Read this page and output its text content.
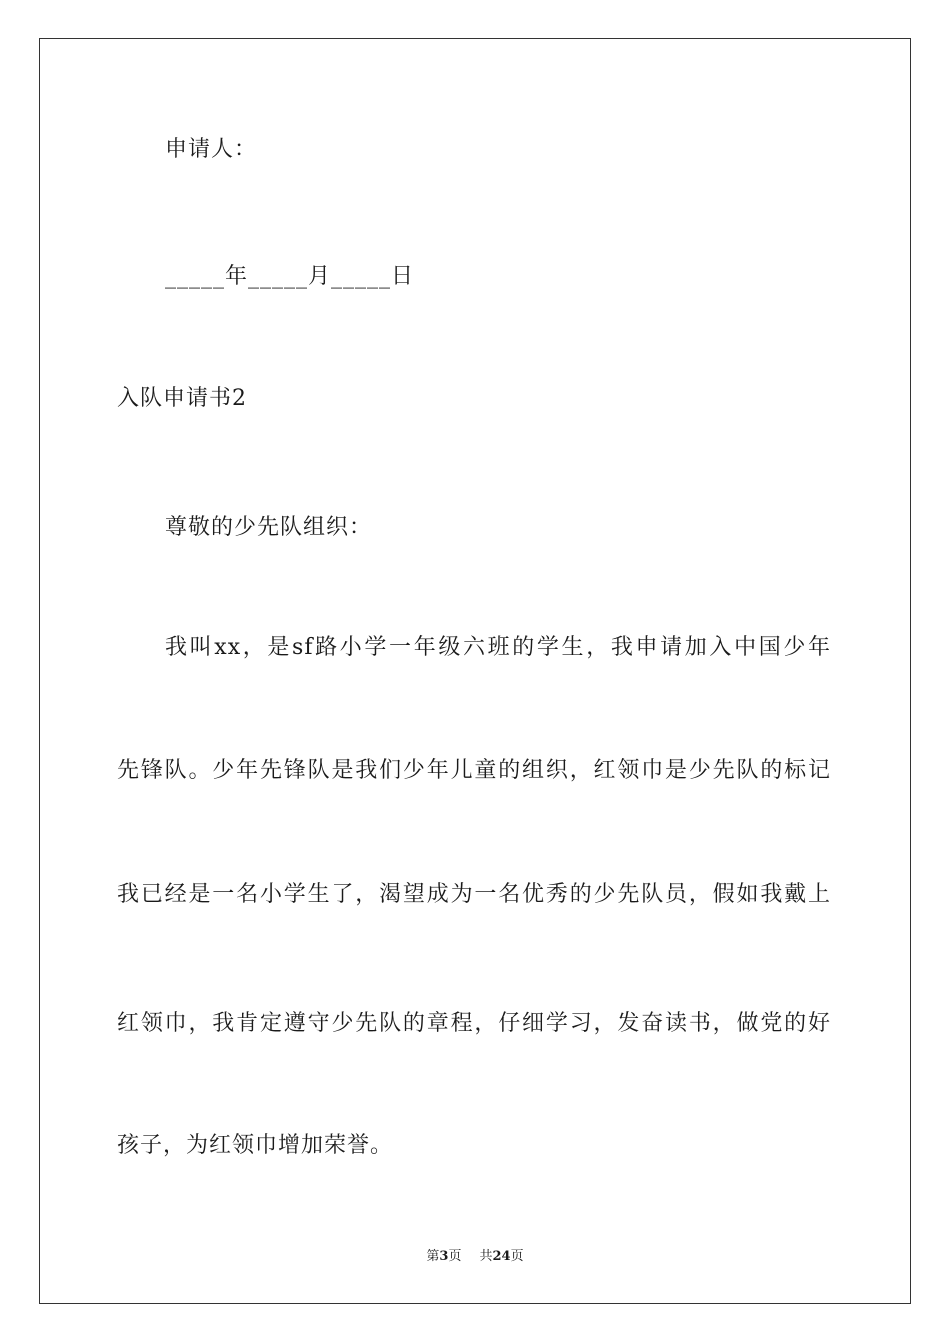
申请人：
_____年_____月_____日
入队申请书2
尊敬的少先队组织：
我叫xx，是sf路小学一年级六班的学生，我申请加入中国少年
先锋队。少年先锋队是我们少年儿童的组织，红领巾是少先队的标记
我已经是一名小学生了，渴望成为一名优秀的少先队员，假如我戴上
红领巾，我肯定遵守少先队的章程，仔细学习，发奋读书，做党的好
孩子，为红领巾增加荣誉。
第3页 共24页
